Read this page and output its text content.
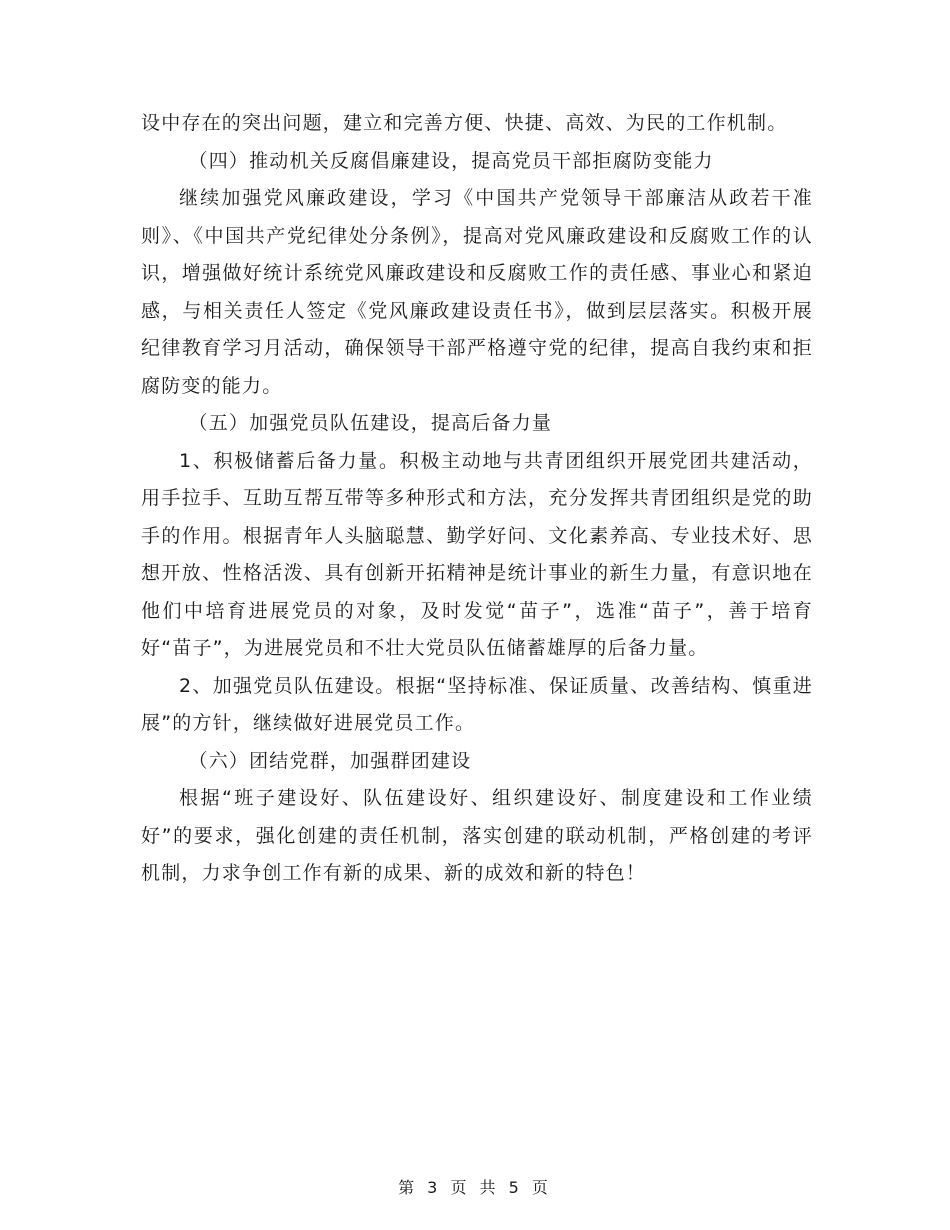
设中存在的突出问题，建立和完善方便、快捷、高效、为民的工作机制。

（四）推动机关反腐倡廉建设，提高党员干部拒腐防变能力

继续加强党风廉政建设，学习《中国共产党领导干部廉洁从政若干准则》、《中国共产党纪律处分条例》，提高对党风廉政建设和反腐败工作的认识，增强做好统计系统党风廉政建设和反腐败工作的责任感、事业心和紧迫感，与相关责任人签定《党风廉政建设责任书》，做到层层落实。积极开展纪律教育学习月活动，确保领导干部严格遵守党的纪律，提高自我约束和拒腐防变的能力。

（五）加强党员队伍建设，提高后备力量

1、积极储蓄后备力量。积极主动地与共青团组织开展党团共建活动，用手拉手、互助互帮互带等多种形式和方法，充分发挥共青团组织是党的助手的作用。根据青年人头脑聪慧、勤学好问、文化素养高、专业技术好、思想开放、性格活泼、具有创新开拓精神是统计事业的新生力量，有意识地在他们中培育进展党员的对象，及时发觉“苗子”，选准“苗子”，善于培育好“苗子”，为进展党员和不壮大党员队伍储蓄雄厚的后备力量。

2、加强党员队伍建设。根据“坚持标准、保证质量、改善结构、慎重进展”的方针，继续做好进展党员工作。

（六）团结党群，加强群团建设

根据“班子建设好、队伍建设好、组织建设好、制度建设和工作业绩好”的要求，强化创建的责任机制，落实创建的联动机制，严格创建的考评机制，力求争创工作有新的成果、新的成效和新的特色！

第 3 页 共 5 页
